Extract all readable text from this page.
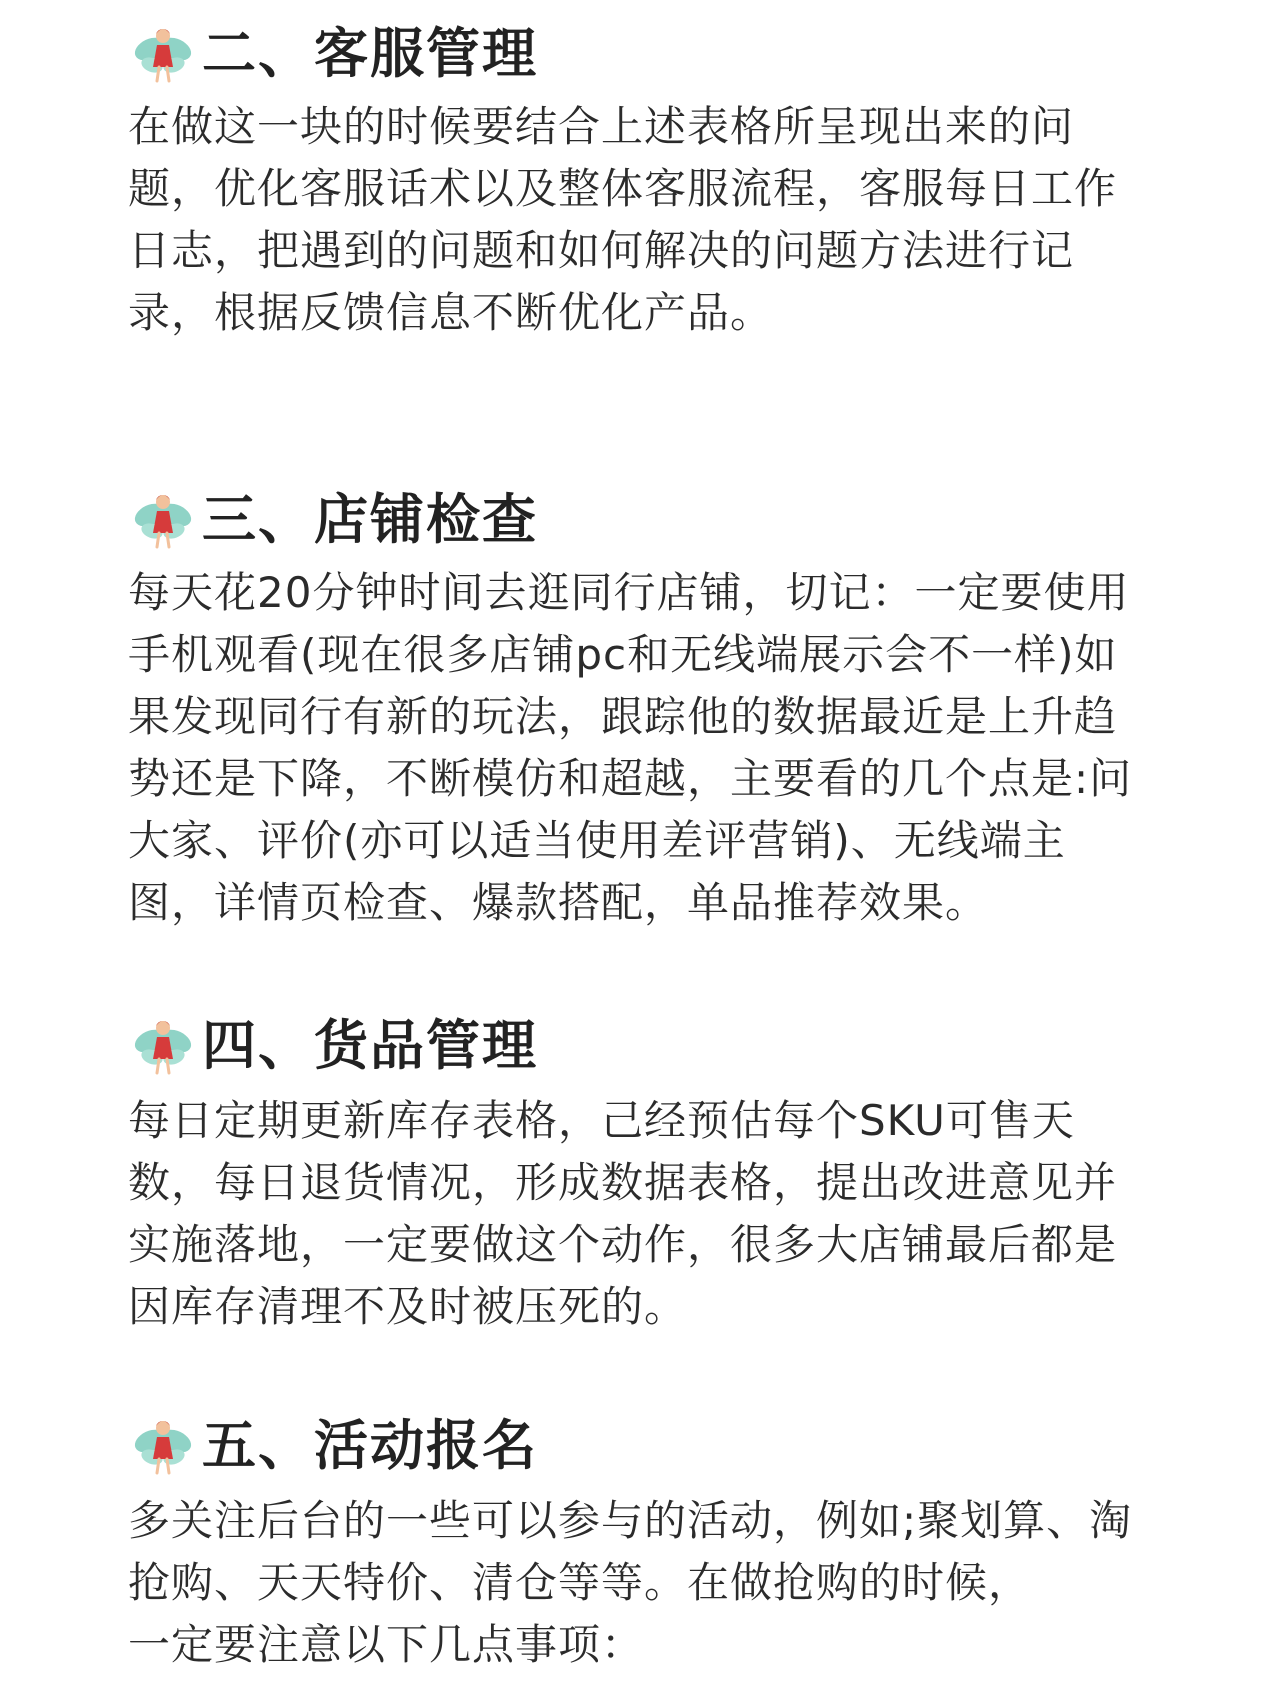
二、客服管理

在做这一块的时候要结合上述表格所呈现出来的问
题，优化客服话术以及整体客服流程，客服每日工作
日志，把遇到的问题和如何解决的问题方法进行记
录，根据反馈信息不断优化产品。

三、店铺检查

每天花20分钟时间去逛同行店铺，切记：一定要使用
手机观看(现在很多店铺pc和无线端展示会不一样)如
果发现同行有新的玩法，跟踪他的数据最近是上升趋
势还是下降，不断模仿和超越，主要看的几个点是:问
大家、评价(亦可以适当使用差评营销)、无线端主
图，详情页检查、爆款搭配，单品推荐效果。

四、货品管理

每日定期更新库存表格，己经预估每个SKU可售天
数，每日退货情况，形成数据表格，提出改进意见并
实施落地，一定要做这个动作，很多大店铺最后都是
因库存清理不及时被压死的。

五、活动报名

多关注后台的一些可以参与的活动，例如;聚划算、淘
抢购、天天特价、清仓等等。在做抢购的时候，
一定要注意以下几点事项：
